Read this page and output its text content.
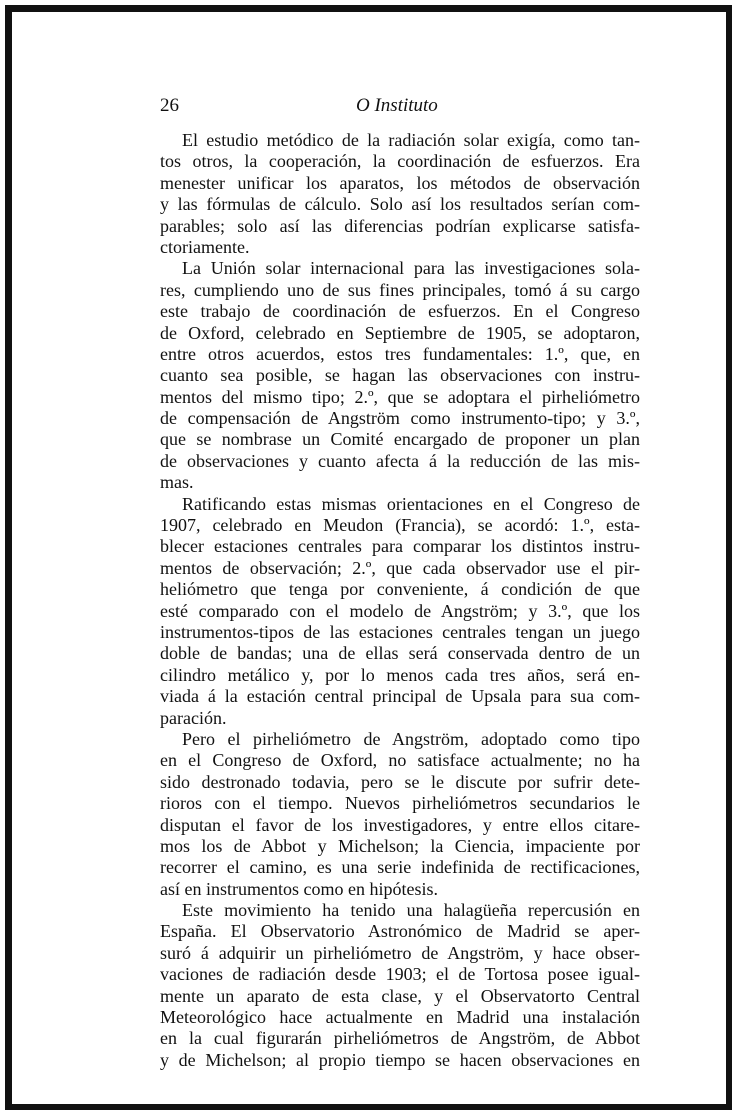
26	O Instituto
El estudio metódico de la radiación solar exigía, como tan-
tos otros, la cooperación, la coordinación de esfuerzos. Era
menester unificar los aparatos, los métodos de observación
y las fórmulas de cálculo. Solo así los resultados serían com-
parables; solo así las diferencias podrían explicarse satisfa-
ctoriamente.
La Unión solar internacional para las investigaciones sola-
res, cumpliendo uno de sus fines principales, tomó á su cargo
este trabajo de coordinación de esfuerzos. En el Congreso
de Oxford, celebrado en Septiembre de 1905, se adoptaron,
entre otros acuerdos, estos tres fundamentales: 1.º, que, en
cuanto sea posible, se hagan las observaciones con instru-
mentos del mismo tipo; 2.º, que se adoptara el pirheliómetro
de compensación de Angström como instrumento-tipo; y 3.º,
que se nombrase un Comité encargado de proponer un plan
de observaciones y cuanto afecta á la reducción de las mis-
mas.
Ratificando estas mismas orientaciones en el Congreso de
1907, celebrado en Meudon (Francia), se acordó: 1.º, esta-
blecer estaciones centrales para comparar los distintos instru-
mentos de observación; 2.º, que cada observador use el pir-
heliómetro que tenga por conveniente, á condición de que
esté comparado con el modelo de Angström; y 3.º, que los
instrumentos-tipos de las estaciones centrales tengan un juego
doble de bandas; una de ellas será conservada dentro de un
cilindro metálico y, por lo menos cada tres años, será en-
viada á la estación central principal de Upsala para sua com-
paración.
Pero el pirheliómetro de Angström, adoptado como tipo
en el Congreso de Oxford, no satisface actualmente; no ha
sido destronado todavia, pero se le discute por sufrir dete-
rioros con el tiempo. Nuevos pirheliómetros secundarios le
disputan el favor de los investigadores, y entre ellos citare-
mos los de Abbot y Michelson; la Ciencia, impaciente por
recorrer el camino, es una serie indefinida de rectificaciones,
así en instrumentos como en hipótesis.
Este movimiento ha tenido una halagüeña repercusión en
España. El Observatorio Astronómico de Madrid se aper-
suró á adquirir un pirheliómetro de Angström, y hace obser-
vaciones de radiación desde 1903; el de Tortosa posee igual-
mente un aparato de esta clase, y el Observatorto Central
Meteorológico hace actualmente en Madrid una instalación
en la cual figurarán pirheliómetros de Angström, de Abbot
y de Michelson; al propio tiempo se hacen observaciones en
